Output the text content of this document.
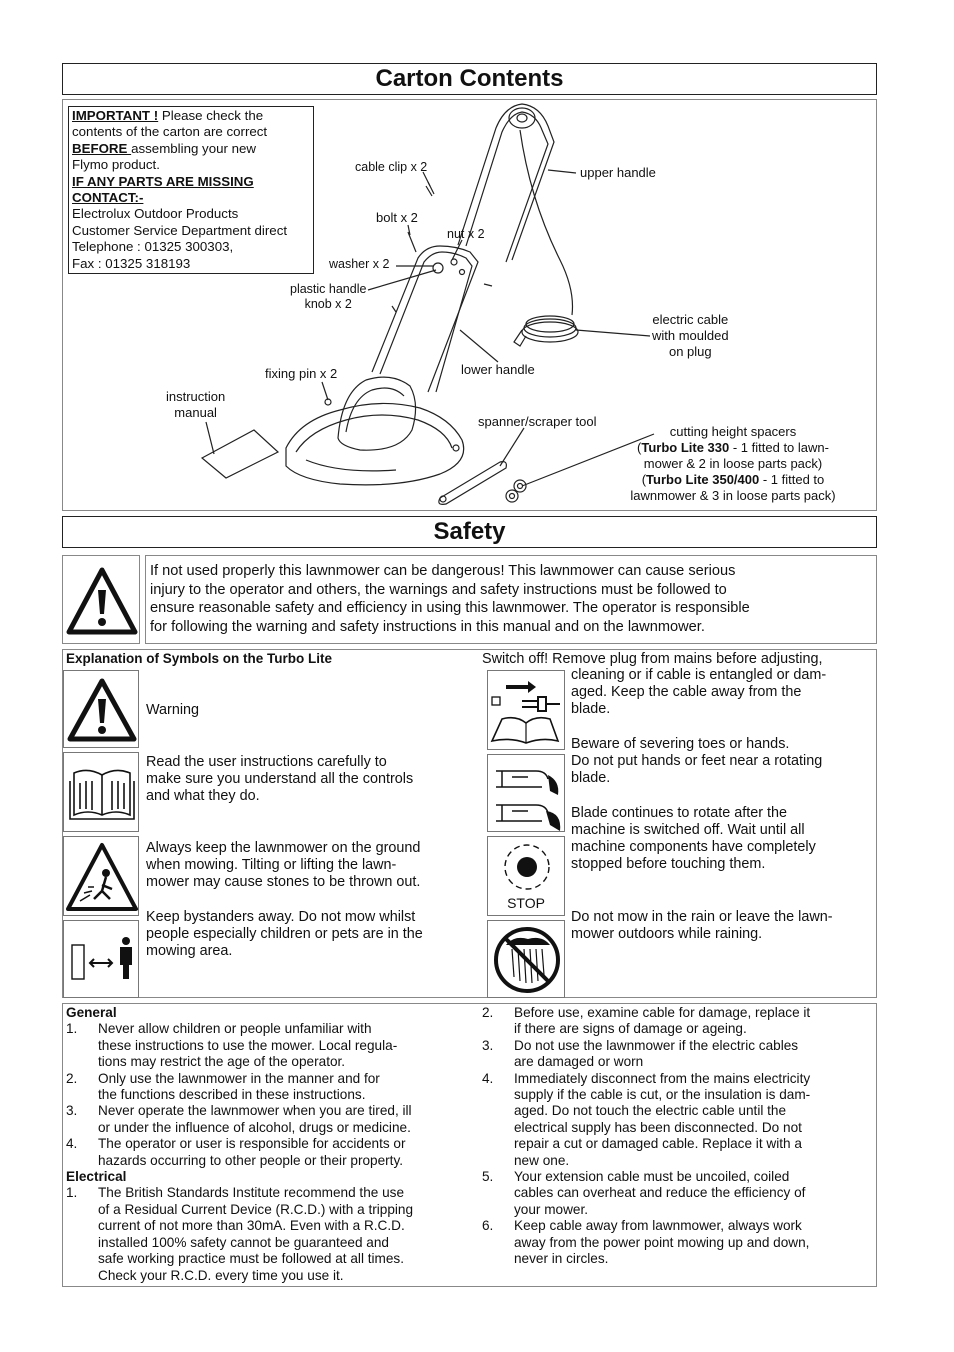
Carton Contents
IMPORTANT ! Please check the
contents of the carton are correct
BEFORE assembling your new
Flymo product.
IF ANY PARTS ARE MISSING
CONTACT:-
Electrolux Outdoor Products
Customer Service Department direct
Telephone : 01325 300303,
Fax : 01325 318193
cable clip x 2	upper handle
bolt x 2
nut x 2
washer x 2
plastic handle
knob x 2
electric cable
with moulded
on plug
fixing pin x 2	lower handle
instruction
manual
spanner/scraper tool
cutting height spacers
(Turbo Lite 330 - 1 fitted to lawn-
mower & 2 in loose parts pack)
(Turbo Lite 350/400 - 1 fitted to
lawnmower & 3 in loose parts pack)
Safety
If not used properly this lawnmower can be dangerous! This lawnmower can cause serious
injury to the operator and others, the warnings and safety instructions must be followed to
ensure reasonable safety and efficiency in using this lawnmower. The operator is responsible
for following the warning and safety instructions in this manual and on the lawnmower.
Explanation of Symbols on the Turbo Lite
Warning
Read the user instructions carefully to
make sure you understand all the controls
and what they do.
Always keep the lawnmower on the ground
when mowing. Tilting or lifting the lawn-
mower may cause stones to be thrown out.
Keep bystanders away. Do not mow whilst
people especially children or pets are in the
mowing area.
Switch off! Remove plug from mains before adjusting,
STOP
cleaning or if cable is entangled or dam-
aged. Keep the cable away from the
blade.
Beware of severing toes or hands.
Do not put hands or feet near a rotating
blade.
Blade continues to rotate after the
machine is switched off. Wait until all
machine components have completely
stopped before touching them.
Do not mow in the rain or leave the lawn-
mower outdoors while raining.
General
1. Never allow children or people unfamiliar with
these instructions to use the mower. Local regula-
tions may restrict the age of the operator.
2. Only use the lawnmower in the manner and for
the functions described in these instructions.
3. Never operate the lawnmower when you are tired, ill
or under the influence of alcohol, drugs or medicine.
4. The operator or user is responsible for accidents or
hazards occurring to other people or their property.
Electrical
1. The British Standards Institute recommend the use
of a Residual Current Device (R.C.D.) with a tripping
current of not more than 30mA. Even with a R.C.D.
installed 100% safety cannot be guaranteed and
safe working practice must be followed at all times.
Check your R.C.D. every time you use it.
2. Before use, examine cable for damage, replace it
if there are signs of damage or ageing.
3. Do not use the lawnmower if the electric cables
are damaged or worn
4. Immediately disconnect from the mains electricity
supply if the cable is cut, or the insulation is dam-
aged. Do not touch the electric cable until the
electrical supply has been disconnected. Do not
repair a cut or damaged cable. Replace it with a
new one.
5. Your extension cable must be uncoiled, coiled
cables can overheat and reduce the efficiency of
your mower.
6. Keep cable away from lawnmower, always work
away from the power point mowing up and down,
never in circles.
